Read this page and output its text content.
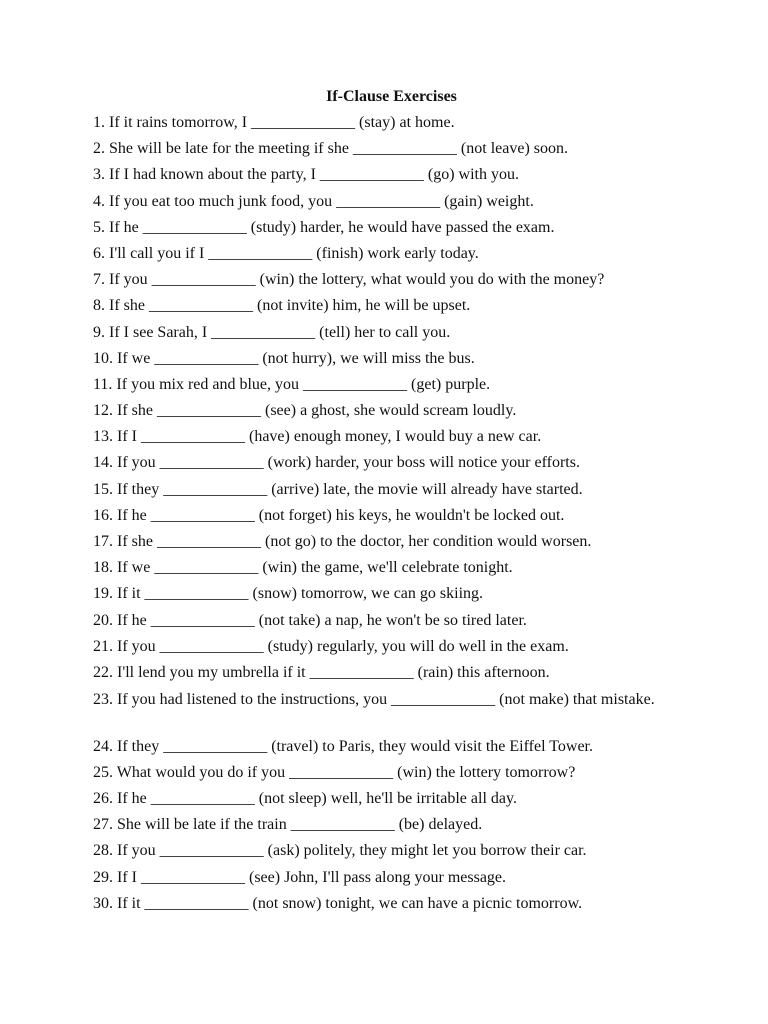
If-Clause Exercises
1. If it rains tomorrow, I _____________ (stay) at home.
2. She will be late for the meeting if she _____________ (not leave) soon.
3. If I had known about the party, I _____________ (go) with you.
4. If you eat too much junk food, you _____________ (gain) weight.
5. If he _____________ (study) harder, he would have passed the exam.
6. I'll call you if I _____________ (finish) work early today.
7. If you _____________ (win) the lottery, what would you do with the money?
8. If she _____________ (not invite) him, he will be upset.
9. If I see Sarah, I _____________ (tell) her to call you.
10. If we _____________ (not hurry), we will miss the bus.
11. If you mix red and blue, you _____________ (get) purple.
12. If she _____________ (see) a ghost, she would scream loudly.
13. If I _____________ (have) enough money, I would buy a new car.
14. If you _____________ (work) harder, your boss will notice your efforts.
15. If they _____________ (arrive) late, the movie will already have started.
16. If he _____________ (not forget) his keys, he wouldn't be locked out.
17. If she _____________ (not go) to the doctor, her condition would worsen.
18. If we _____________ (win) the game, we'll celebrate tonight.
19. If it _____________ (snow) tomorrow, we can go skiing.
20. If he _____________ (not take) a nap, he won't be so tired later.
21. If you _____________ (study) regularly, you will do well in the exam.
22. I'll lend you my umbrella if it _____________ (rain) this afternoon.
23. If you had listened to the instructions, you _____________ (not make) that mistake.
24. If they _____________ (travel) to Paris, they would visit the Eiffel Tower.
25. What would you do if you _____________ (win) the lottery tomorrow?
26. If he _____________ (not sleep) well, he'll be irritable all day.
27. She will be late if the train _____________ (be) delayed.
28. If you _____________ (ask) politely, they might let you borrow their car.
29. If I _____________ (see) John, I'll pass along your message.
30. If it _____________ (not snow) tonight, we can have a picnic tomorrow.
